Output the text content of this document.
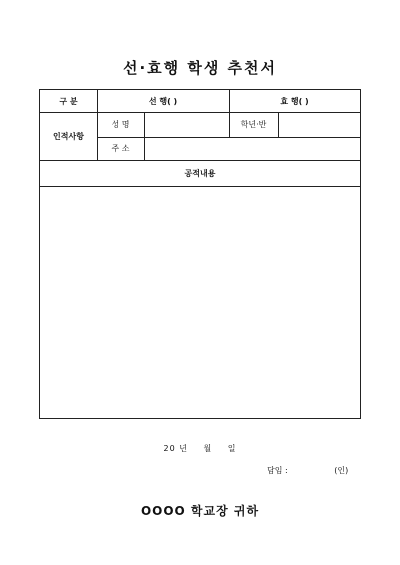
선·효행 학생 추천서
구 분	선 행( )	효 행( )
인적사항
성 명	학년·반
주 소
공적내용
20 년 월 일
담임 :	(인)
OOOO 학교장 귀하
